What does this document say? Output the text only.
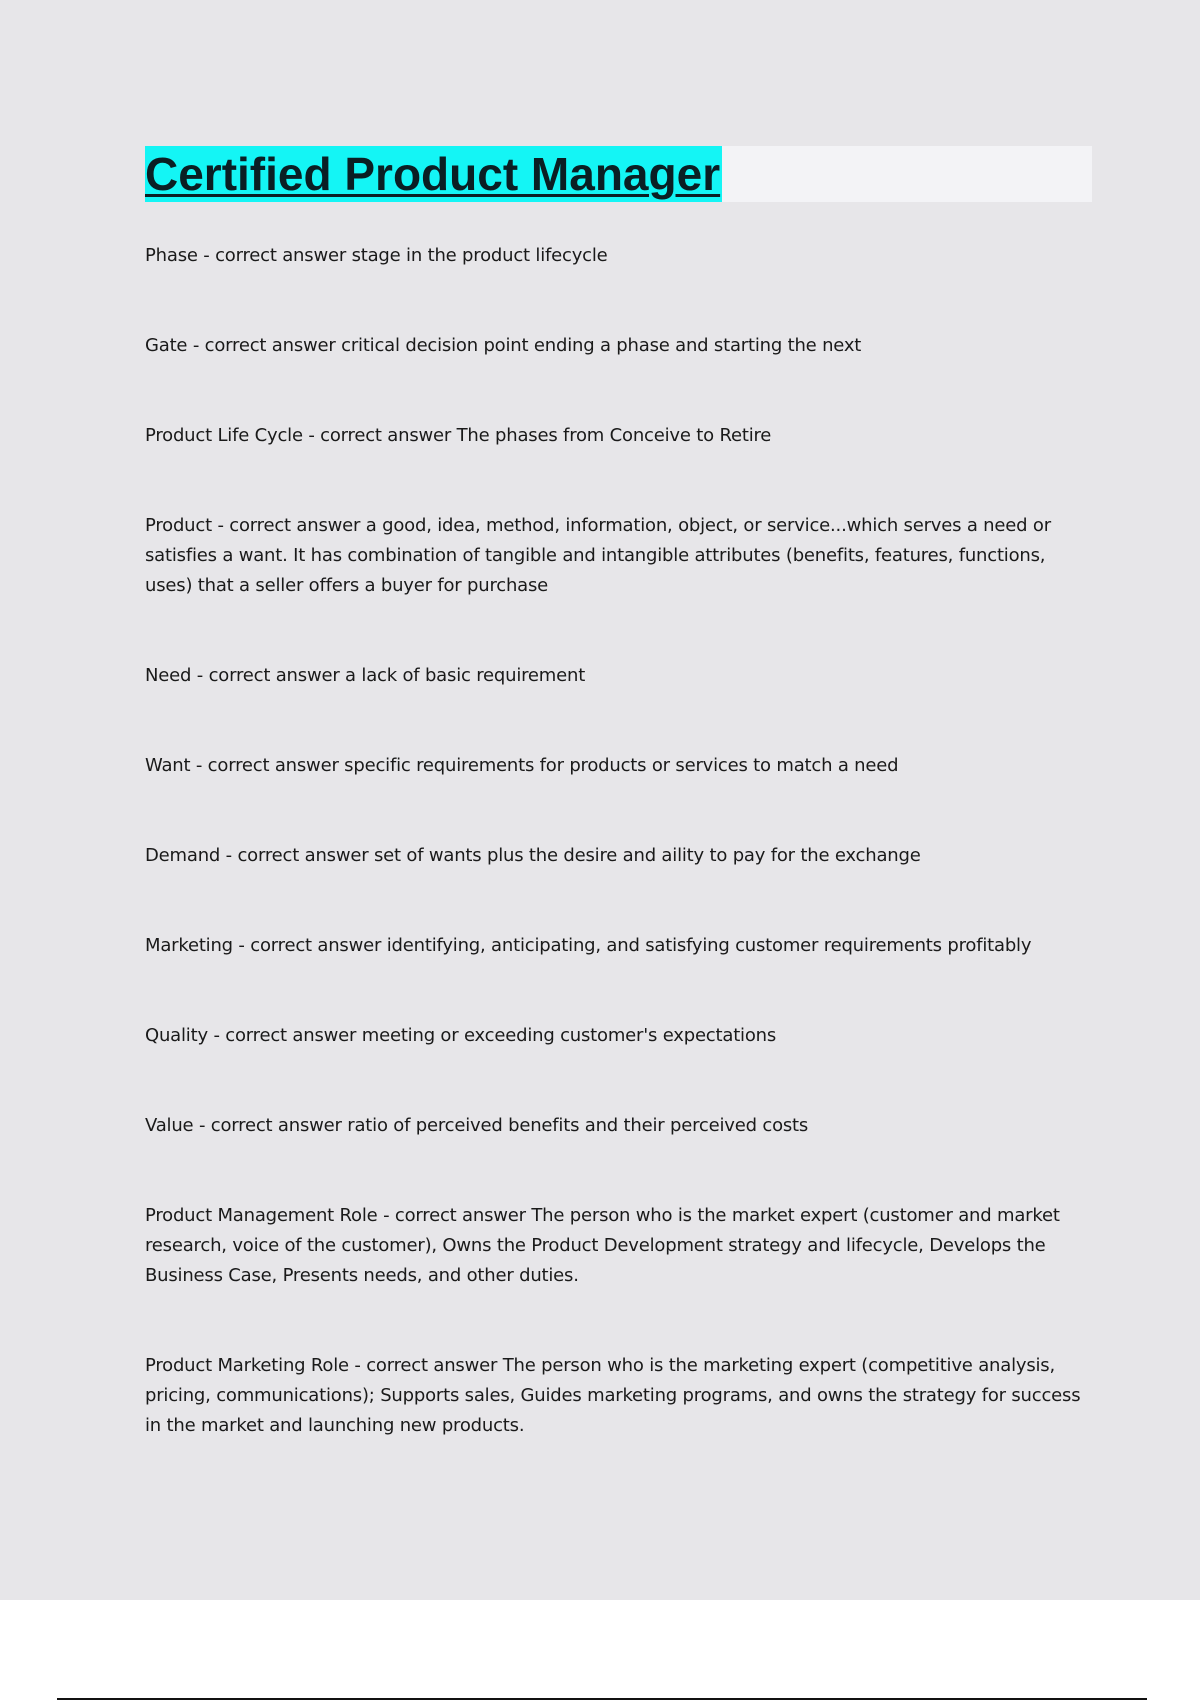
Certified Product Manager
Phase - correct answer stage in the product lifecycle
Gate - correct answer critical decision point ending a phase and starting the next
Product Life Cycle - correct answer The phases from Conceive to Retire
Product - correct answer a good, idea, method, information, object, or service...which serves a need or satisfies a want. It has combination of tangible and intangible attributes (benefits, features, functions, uses) that a seller offers a buyer for purchase
Need - correct answer a lack of basic requirement
Want - correct answer specific requirements for products or services to match a need
Demand - correct answer set of wants plus the desire and aility to pay for the exchange
Marketing - correct answer identifying, anticipating, and satisfying customer requirements profitably
Quality - correct answer meeting or exceeding customer's expectations
Value - correct answer ratio of perceived benefits and their perceived costs
Product Management Role - correct answer The person who is the market expert (customer and market research, voice of the customer), Owns the Product Development strategy and lifecycle, Develops the Business Case, Presents needs, and other duties.
Product Marketing Role - correct answer The person who is the marketing expert (competitive analysis, pricing, communications); Supports sales, Guides marketing programs, and owns the strategy for success in the market and launching new products.
